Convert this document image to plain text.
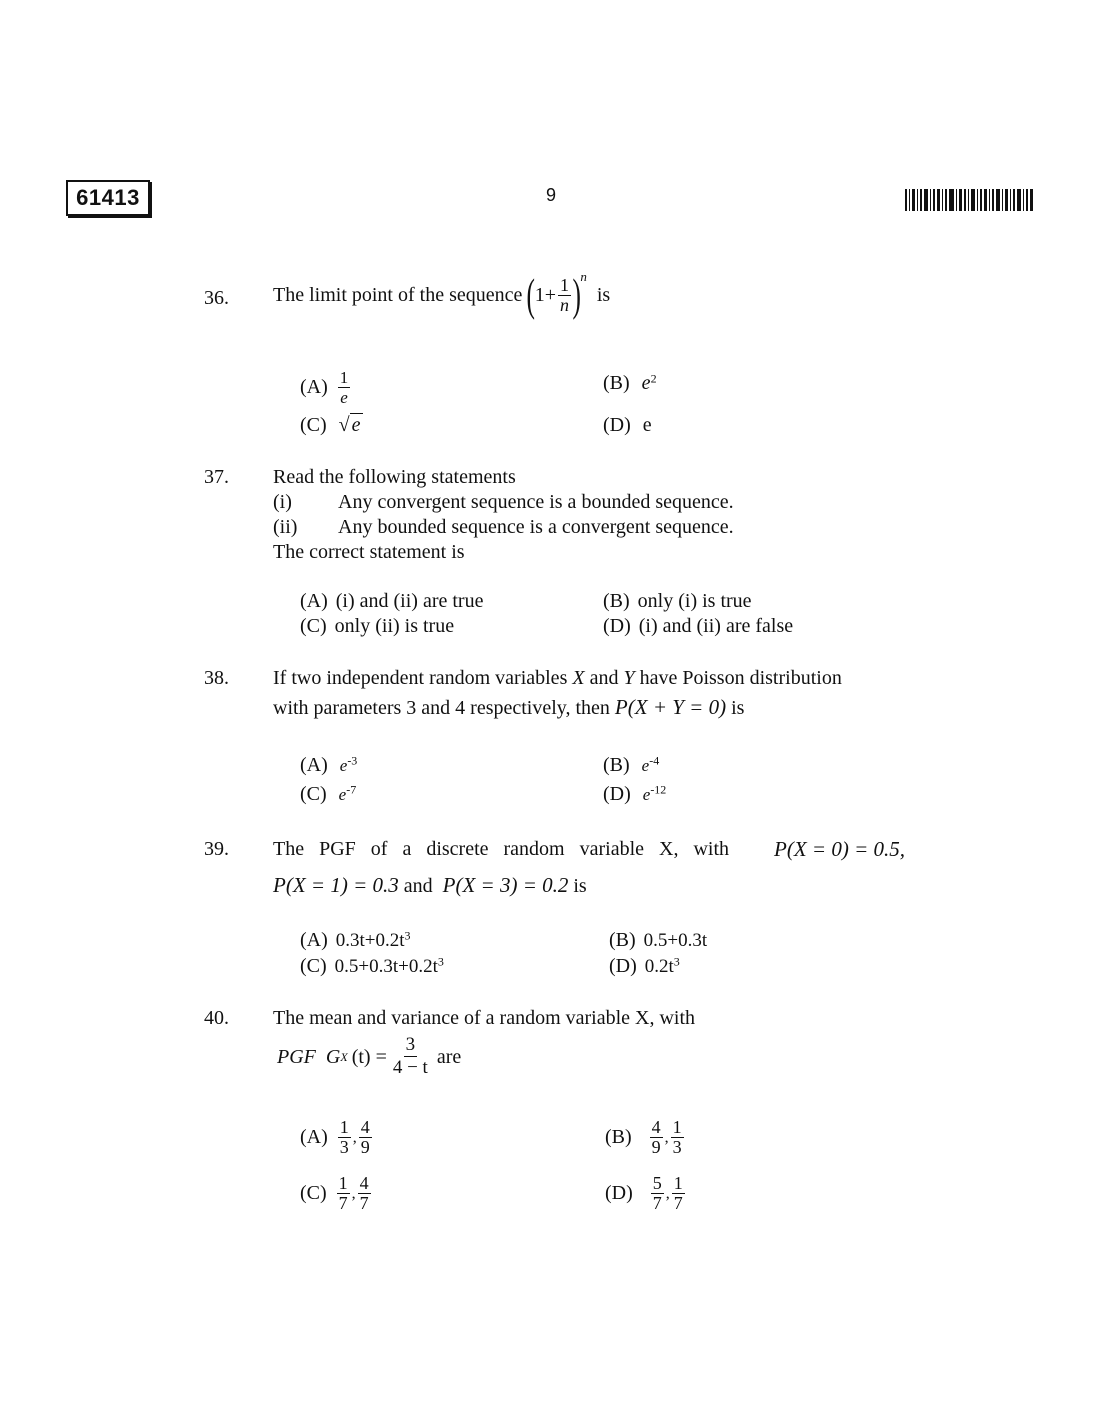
61413	9
36. The limit point of the sequence
( $1+ \frac{1}{n}$ ) n

is
(A)
$\frac{1}{e}$	(B) $e^2$
(C) √ e	(D) e
37. Read the following statements
(i) Any convergent sequence is a bounded sequence.
(ii) Any bounded sequence is a convergent sequence.
The correct statement is
(A) (i) and (ii) are true	(B) only (i) is true
(C) only (ii) is true	(D) (i) and (ii) are false
38. If two independent random variables X and Y have Poisson distribution
with parameters 3 and 4 respectively, then P(X + Y = 0) is
(A) $e^{-3}$	(B) $e^{-4}$
(C) $e^{-7}$	(D) $e^{-12}$
39. The PGF of a discrete random variable X, with P(X = 0) = 0.5,
P(X = 1) = 0.3 and P(X = 3) = 0.2 is
(A) $0.3t+0.2t^3$	(B) 0.5+0.3t
(C) $0.5+0.3t+0.2t^3$	(D) $0.2t^3$
40. The mean and variance of a random variable X, with
PGF
G X $(t) = \frac{3}{4 - t}$
are
(A)
$\frac{1}{3}$ , $\frac{4}{9}$	(B)
$\frac{4}{9}$ , $\frac{1}{3}$
(C)
$\frac{1}{7}$ , $\frac{4}{7}$	(D)
$\frac{5}{7}$ , $\frac{1}{7}$
